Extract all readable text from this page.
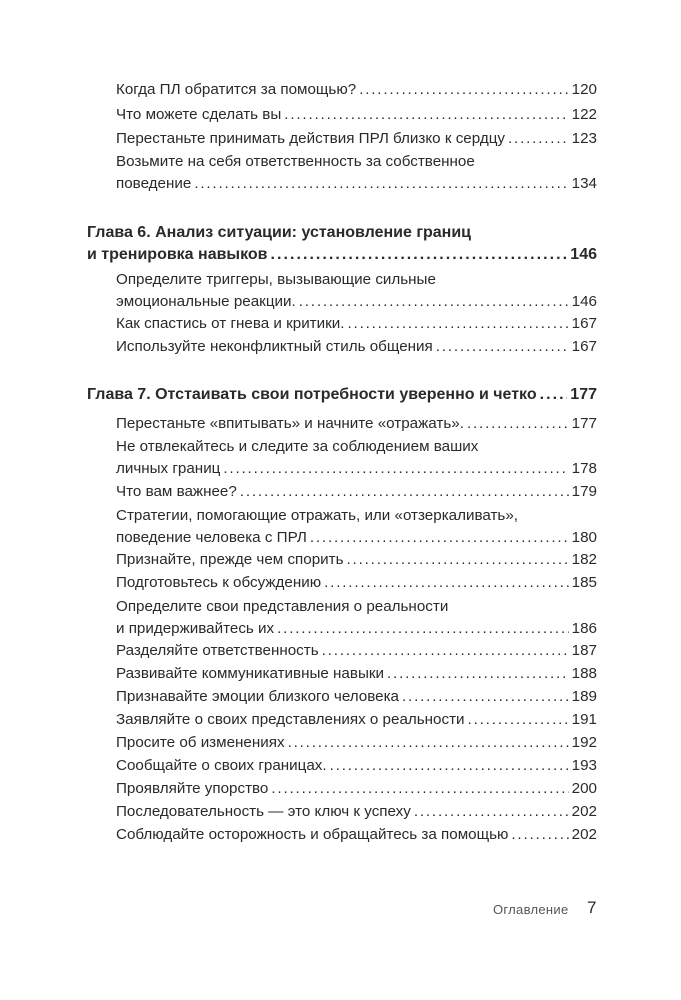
Когда ПЛ обратится за помощью? . . .	120
Что можете сделать вы . . .	122
Перестаньте принимать действия ПРЛ близко к сердцу . . .	123
Возьмите на себя ответственность за собственное
поведение . . .	134
Глава 6. Анализ ситуации: установление границ
и тренировка навыков . . .	146
Определите триггеры, вызывающие сильные
эмоциональные реакции. . . .	146
Как спастись от гнева и критики. . . .	167
Используйте неконфликтный стиль общения . . .	167
Глава 7. Отстаивать свои потребности уверенно и четко . . . 177
Перестаньте «впитывать» и начните «отражать». . . .	177
Не отвлекайтесь и следите за соблюдением ваших
личных границ . . .	178
Что вам важнее? . . .	179
Стратегии, помогающие отражать, или «отзеркаливать»,
поведение человека с ПРЛ . . .	180
Признайте, прежде чем спорить . . .	182
Подготовьтесь к обсуждению . . .	185
Определите свои представления о реальности
и придерживайтесь их . . .	186
Разделяйте ответственность . . .	187
Развивайте коммуникативные навыки . . .	188
Признавайте эмоции близкого человека . . .	189
Заявляйте о своих представлениях о реальности . . .	191
Просите об изменениях . . .	192
Сообщайте о своих границах. . . .	193
Проявляйте упорство . . .	200
Последовательность — это ключ к успеху . . .	202
Соблюдайте осторожность и обращайтесь за помощью . . .	202
Оглавление 7
